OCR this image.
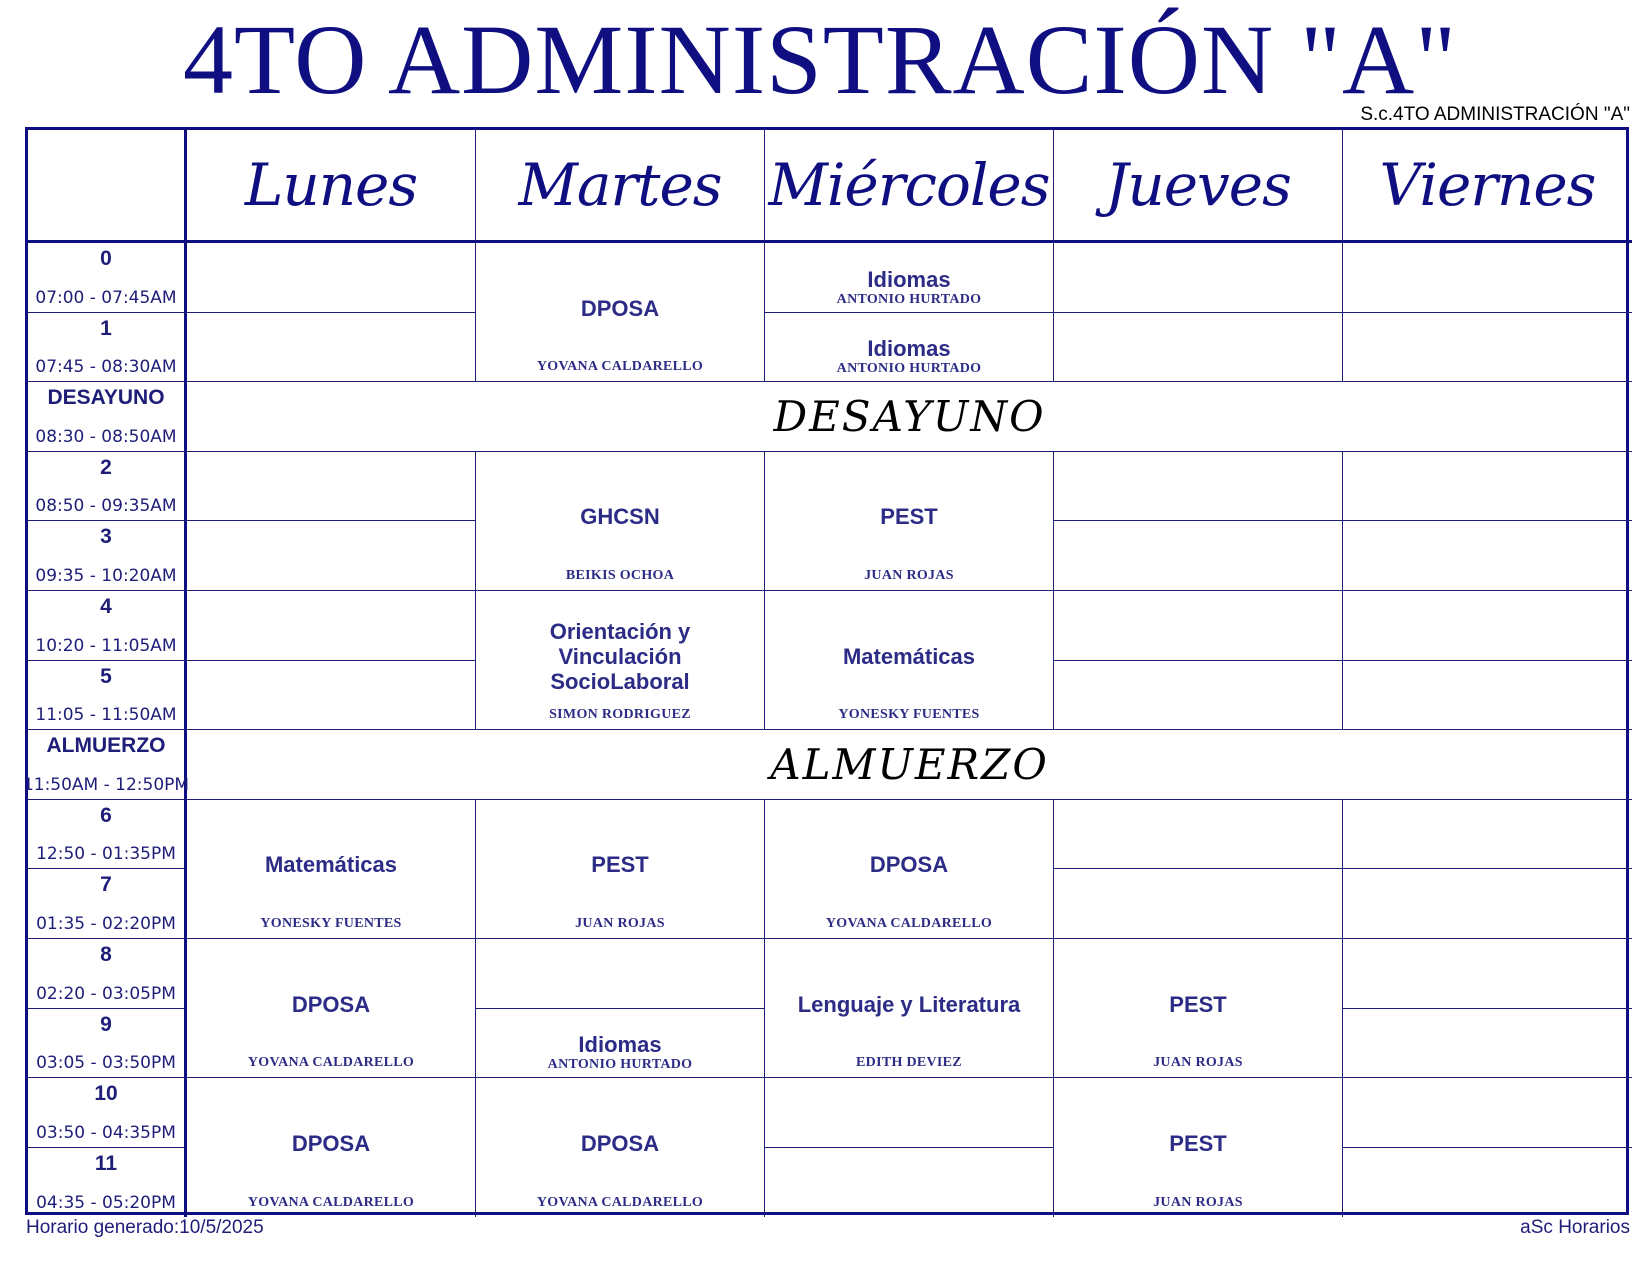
4TO ADMINISTRACIÓN "A"
S.c.4TO ADMINISTRACIÓN "A"
Lunes Martes Miércoles Jueves Viernes
0
07:00 - 07:45AM
1
07:45 - 08:30AM
DESAYUNO
08:30 - 08:50AM
2
08:50 - 09:35AM
3
09:35 - 10:20AM
4
10:20 - 11:05AM
5
11:05 - 11:50AM
ALMUERZO
11:50AM - 12:50PM
6
12:50 - 01:35PM
7
01:35 - 02:20PM
8
02:20 - 03:05PM
9
03:05 - 03:50PM
10
03:50 - 04:35PM
11
04:35 - 05:20PM
DPOSA
YOVANA CALDARELLO
Idiomas
ANTONIO HURTADO
Idiomas
ANTONIO HURTADO
DESAYUNO
GHCSN
BEIKIS OCHOA
PEST
JUAN ROJAS
Orientación y Vinculación SocioLaboral
SIMON RODRIGUEZ
Matemáticas
YONESKY FUENTES
ALMUERZO
Matemáticas
YONESKY FUENTES
PEST
JUAN ROJAS
DPOSA
YOVANA CALDARELLO
DPOSA
YOVANA CALDARELLO
Idiomas
ANTONIO HURTADO
Lenguaje y Literatura
EDITH DEVIEZ
PEST
JUAN ROJAS
DPOSA
YOVANA CALDARELLO
DPOSA
YOVANA CALDARELLO
PEST
JUAN ROJAS
Horario generado:10/5/2025	aSc Horarios
